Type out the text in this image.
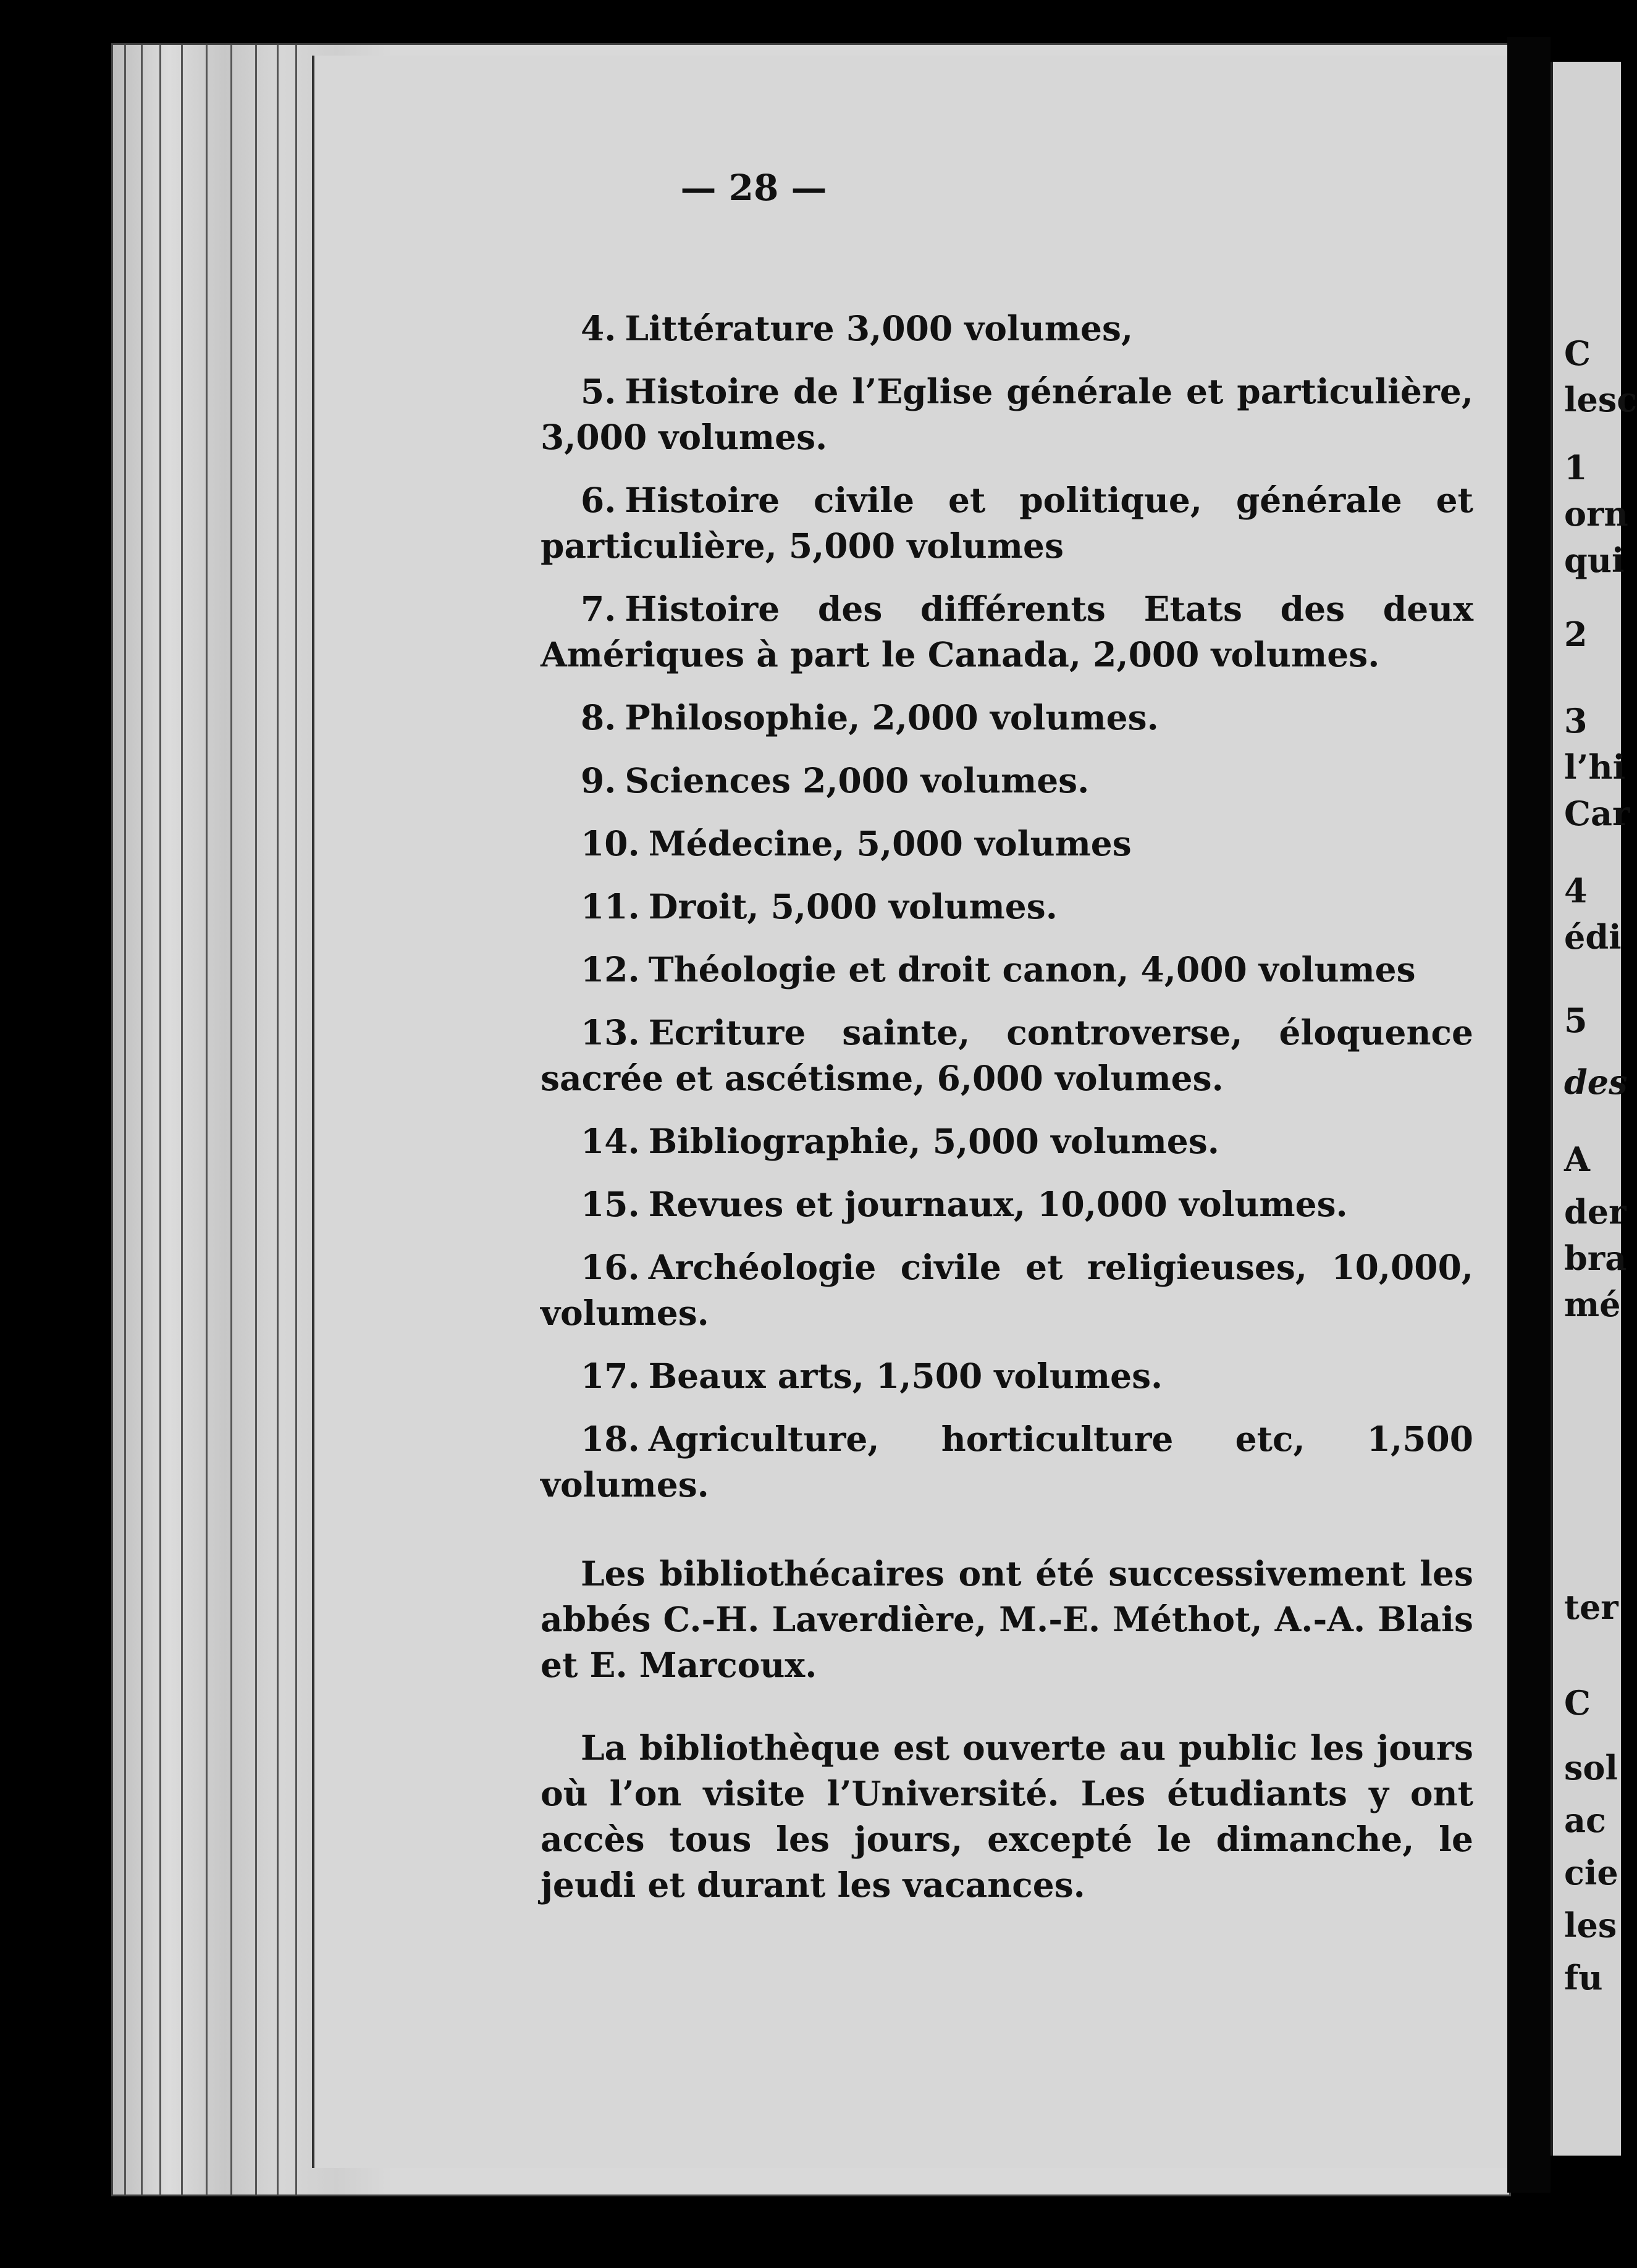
— 28 —
4. Littérature 3,000 volumes,
5. Histoire de l’Eglise générale et particulière, 3,000 volumes.
6. Histoire civile et politique, générale et particulière, 5,000 volumes
7. Histoire des différents Etats des deux Amériques à part le Canada, 2,000 volumes.
8. Philosophie, 2,000 volumes.
9. Sciences 2,000 volumes.
10. Médecine, 5,000 volumes
11. Droit, 5,000 volumes.
12. Théologie et droit canon, 4,000 volumes
13. Ecriture sainte, controverse, éloquence sacrée et ascétisme, 6,000 volumes.
14. Bibliographie, 5,000 volumes.
15. Revues et journaux, 10,000 volumes.
16. Archéologie civile et religieuses, 10,000, volumes.
17. Beaux arts, 1,500 volumes.
18. Agriculture, horticulture etc, 1,500 volumes.

Les bibliothécaires ont été successivement les abbés C.-H. Laverdière, M.-E. Méthot, A.-A. Blais et E. Marcoux.

La bibliothèque est ouverte au public les jours où l’on visite l’Université. Les étudiants y ont accès tous les jours, excepté le dimanche, le jeudi et durant les vacances.

C
lesc
1
orn
qui
2
3
l’hi
Car
4
édi
5
des
A
der
bra
mé
ter
C
sol
ac
cie
les
fu
